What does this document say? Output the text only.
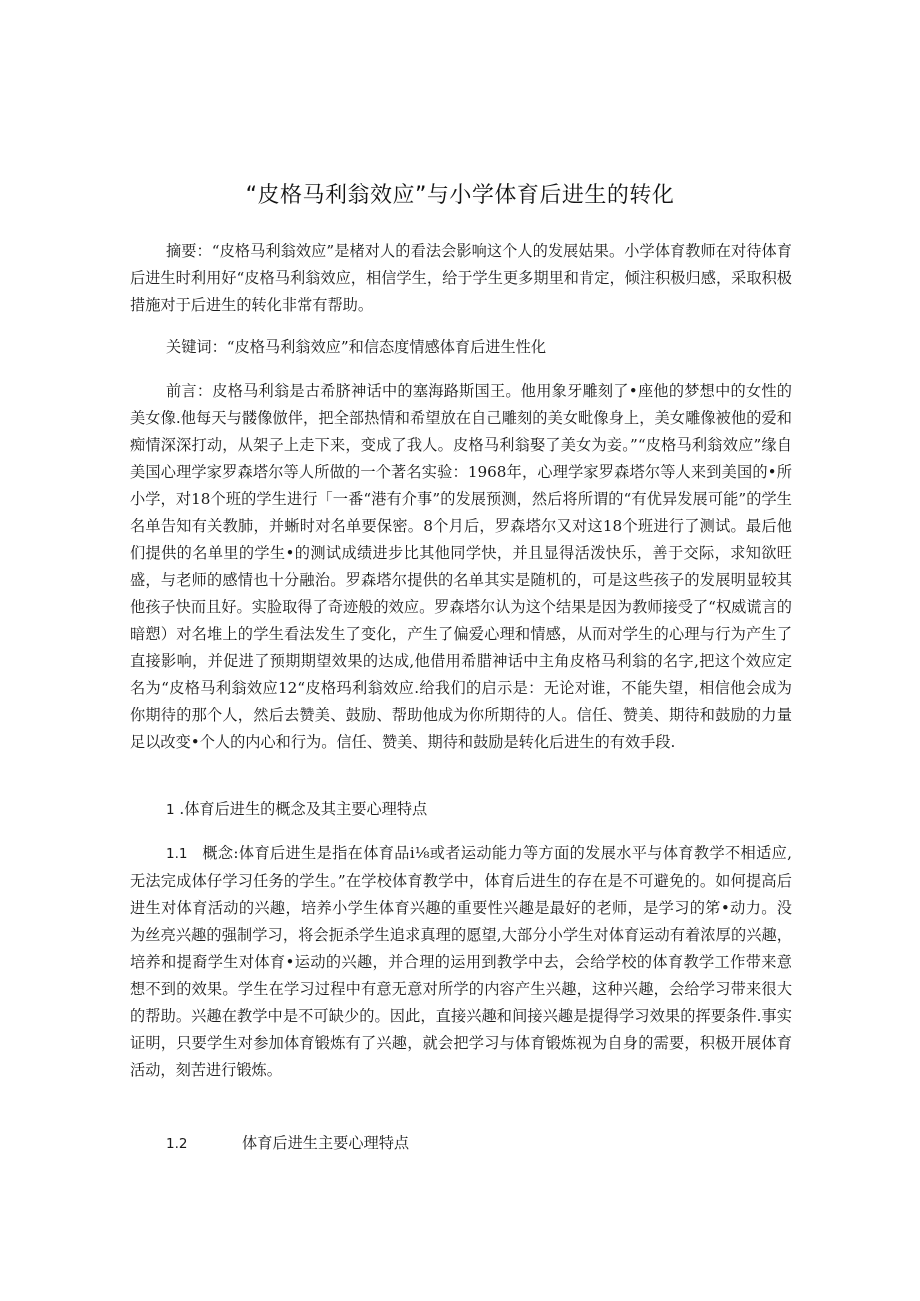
“皮格马利翁效应”与小学体育后进生的转化
摘要：“皮格马利翁效应”是楮对人的看法会影响这个人的发展姑果。小学体育教师在对待体育后进生时利用好“皮格马利翁效应，相信学生，给于学生更多期里和肯定，倾注积极归感，采取积极措施对于后进生的转化非常有帮助。
关键词：“皮格马利翁效应”和信态度情感体育后进生性化
前言：皮格马利翁是古希脐神话中的塞海路斯国王。他用象牙雕刻了•座他的梦想中的女性的美女像.他每天与髅像倣伴，把全部热情和希望放在自己雕刻的美女毗像身上，美女雕像被他的爱和痴情深深打动，从架子上走下来，变成了我人。皮格马利翁娶了美女为妾。”“皮格马利翁效应”缘自美国心理学家罗森塔尔等人所做的一个著名实验：1968年，心理学家罗森塔尔等人来到美国的•所小学，对18个班的学生进行「一番“港有介事”的发展预测，然后将所谓的“有优异发展可能”的学生名单告知有关教肺，并蜥时对名单要保密。8个月后，罗森塔尔又对这18个班进行了测试。最后他们提供的名单里的学生•的测试成绩进步比其他同学快，并且显得活泼快乐，善于交际，求知欲旺盛，与老师的感情也十分融治。罗森塔尔提供的名单其实是随机的，可是这些孩子的发展明显较其他孩子快而且好。实脸取得了奇迹般的效应。罗森塔尔认为这个结果是因为教师接受了“权威谎言的暗愬）对名堆上的学生看法发生了变化，产生了偏爱心理和情感，从而对学生的心理与行为产生了直接影响，并促进了预期期望效果的达成,他借用希腊神话中主角皮格马利翁的名字,把这个效应定名为“皮格马利翁效应12“皮格玛利翁效应.给我们的启示是：无论对谁，不能失望，相信他会成为你期待的那个人，然后去赞美、鼓励、帮助他成为你所期待的人。信任、赞美、期待和鼓励的力量足以改变•个人的内心和行为。信任、赞美、期待和鼓励是转化后进生的有效手段.
1 .体育后进生的概念及其主要心理特点
1.1 概念:体育后进生是指在体育品i⅛或者运动能力等方面的发展水平与体育教学不相适应,无法完成体仔学习任务的学生。”在学校体育教学中，体育后进生的存在是不可避免的。如何提高后进生对体育活动的兴趣，培养小学生体育兴趣的重要性兴趣是最好的老师，是学习的笫•动力。没为丝亮兴趣的强制学习，将会扼杀学生追求真理的愿望,大部分小学生对体育运动有着浓厚的兴趣，培养和提裔学生对体育•运动的兴趣，并合理的运用到教学中去，会给学校的体育教学工作带来意想不到的效果。学生在学习过程中有意无意对所学的内容产生兴趣，这种兴趣，会给学习带来很大的帮助。兴趣在教学中是不可缺少的。因此，直接兴趣和间接兴趣是提得学习效果的挥要条件.事实证明，只要学生对参加体育锻炼有了兴趣，就会把学习与体育锻炼视为自身的需要，积极开展体育活动，刻苦进行锻炼。
1.2	体育后进生主要心理特点
